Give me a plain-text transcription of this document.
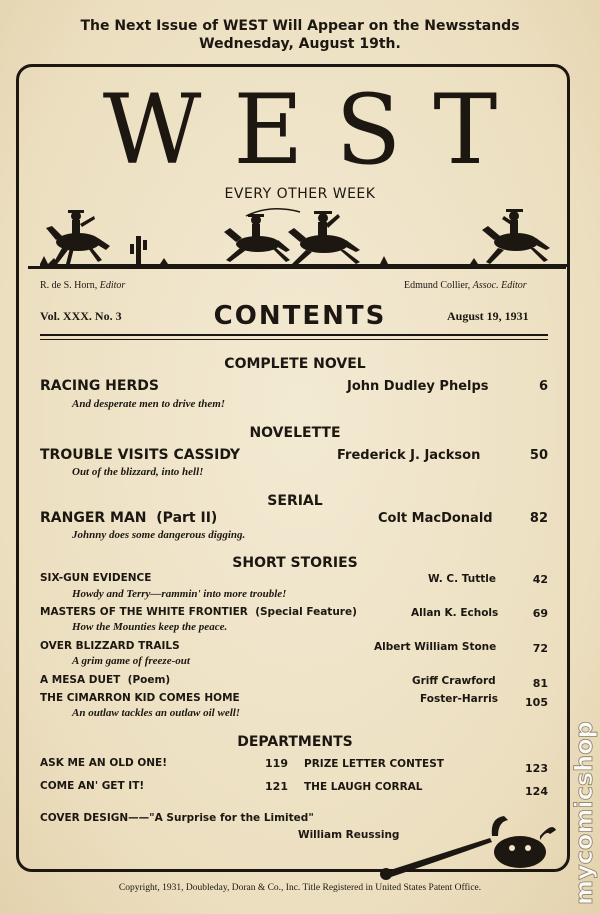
The Next Issue of WEST Will Appear on the Newsstands
Wednesday, August 19th.
WEST
EVERY OTHER WEEK
R. de S. Horn, Editor	Edmund Collier, Assoc. Editor
Vol. XXX. No. 3	CONTENTS	August 19, 1931
COMPLETE NOVEL
RACING HERDS	John Dudley Phelps	6
And desperate men to drive them!
NOVELETTE
TROUBLE VISITS CASSIDY	Frederick J. Jackson	50
Out of the blizzard, into hell!
SERIAL
RANGER MAN (Part II)	Colt MacDonald	82
Johnny does some dangerous digging.
SHORT STORIES
SIX-GUN EVIDENCE	W. C. Tuttle	42
Howdy and Terry—rammin' into more trouble!
MASTERS OF THE WHITE FRONTIER (Special Feature)	Allan K. Echols	69
How the Mounties keep the peace.
OVER BLIZZARD TRAILS	Albert William Stone	72
A grim game of freeze-out
A MESA DUET (Poem)	Griff Crawford	81
THE CIMARRON KID COMES HOME	Foster-Harris	105
An outlaw tackles an outlaw oil well!
DEPARTMENTS
ASK ME AN OLD ONE!	119 PRIZE LETTER CONTEST	123
COME AN' GET IT!	121 THE LAUGH CORRAL	124
COVER DESIGN——"A Surprise for the Limited"
William Reussing
Copyright, 1931, Doubleday, Doran & Co., Inc. Title Registered in United States Patent Office.	mycomicshop
